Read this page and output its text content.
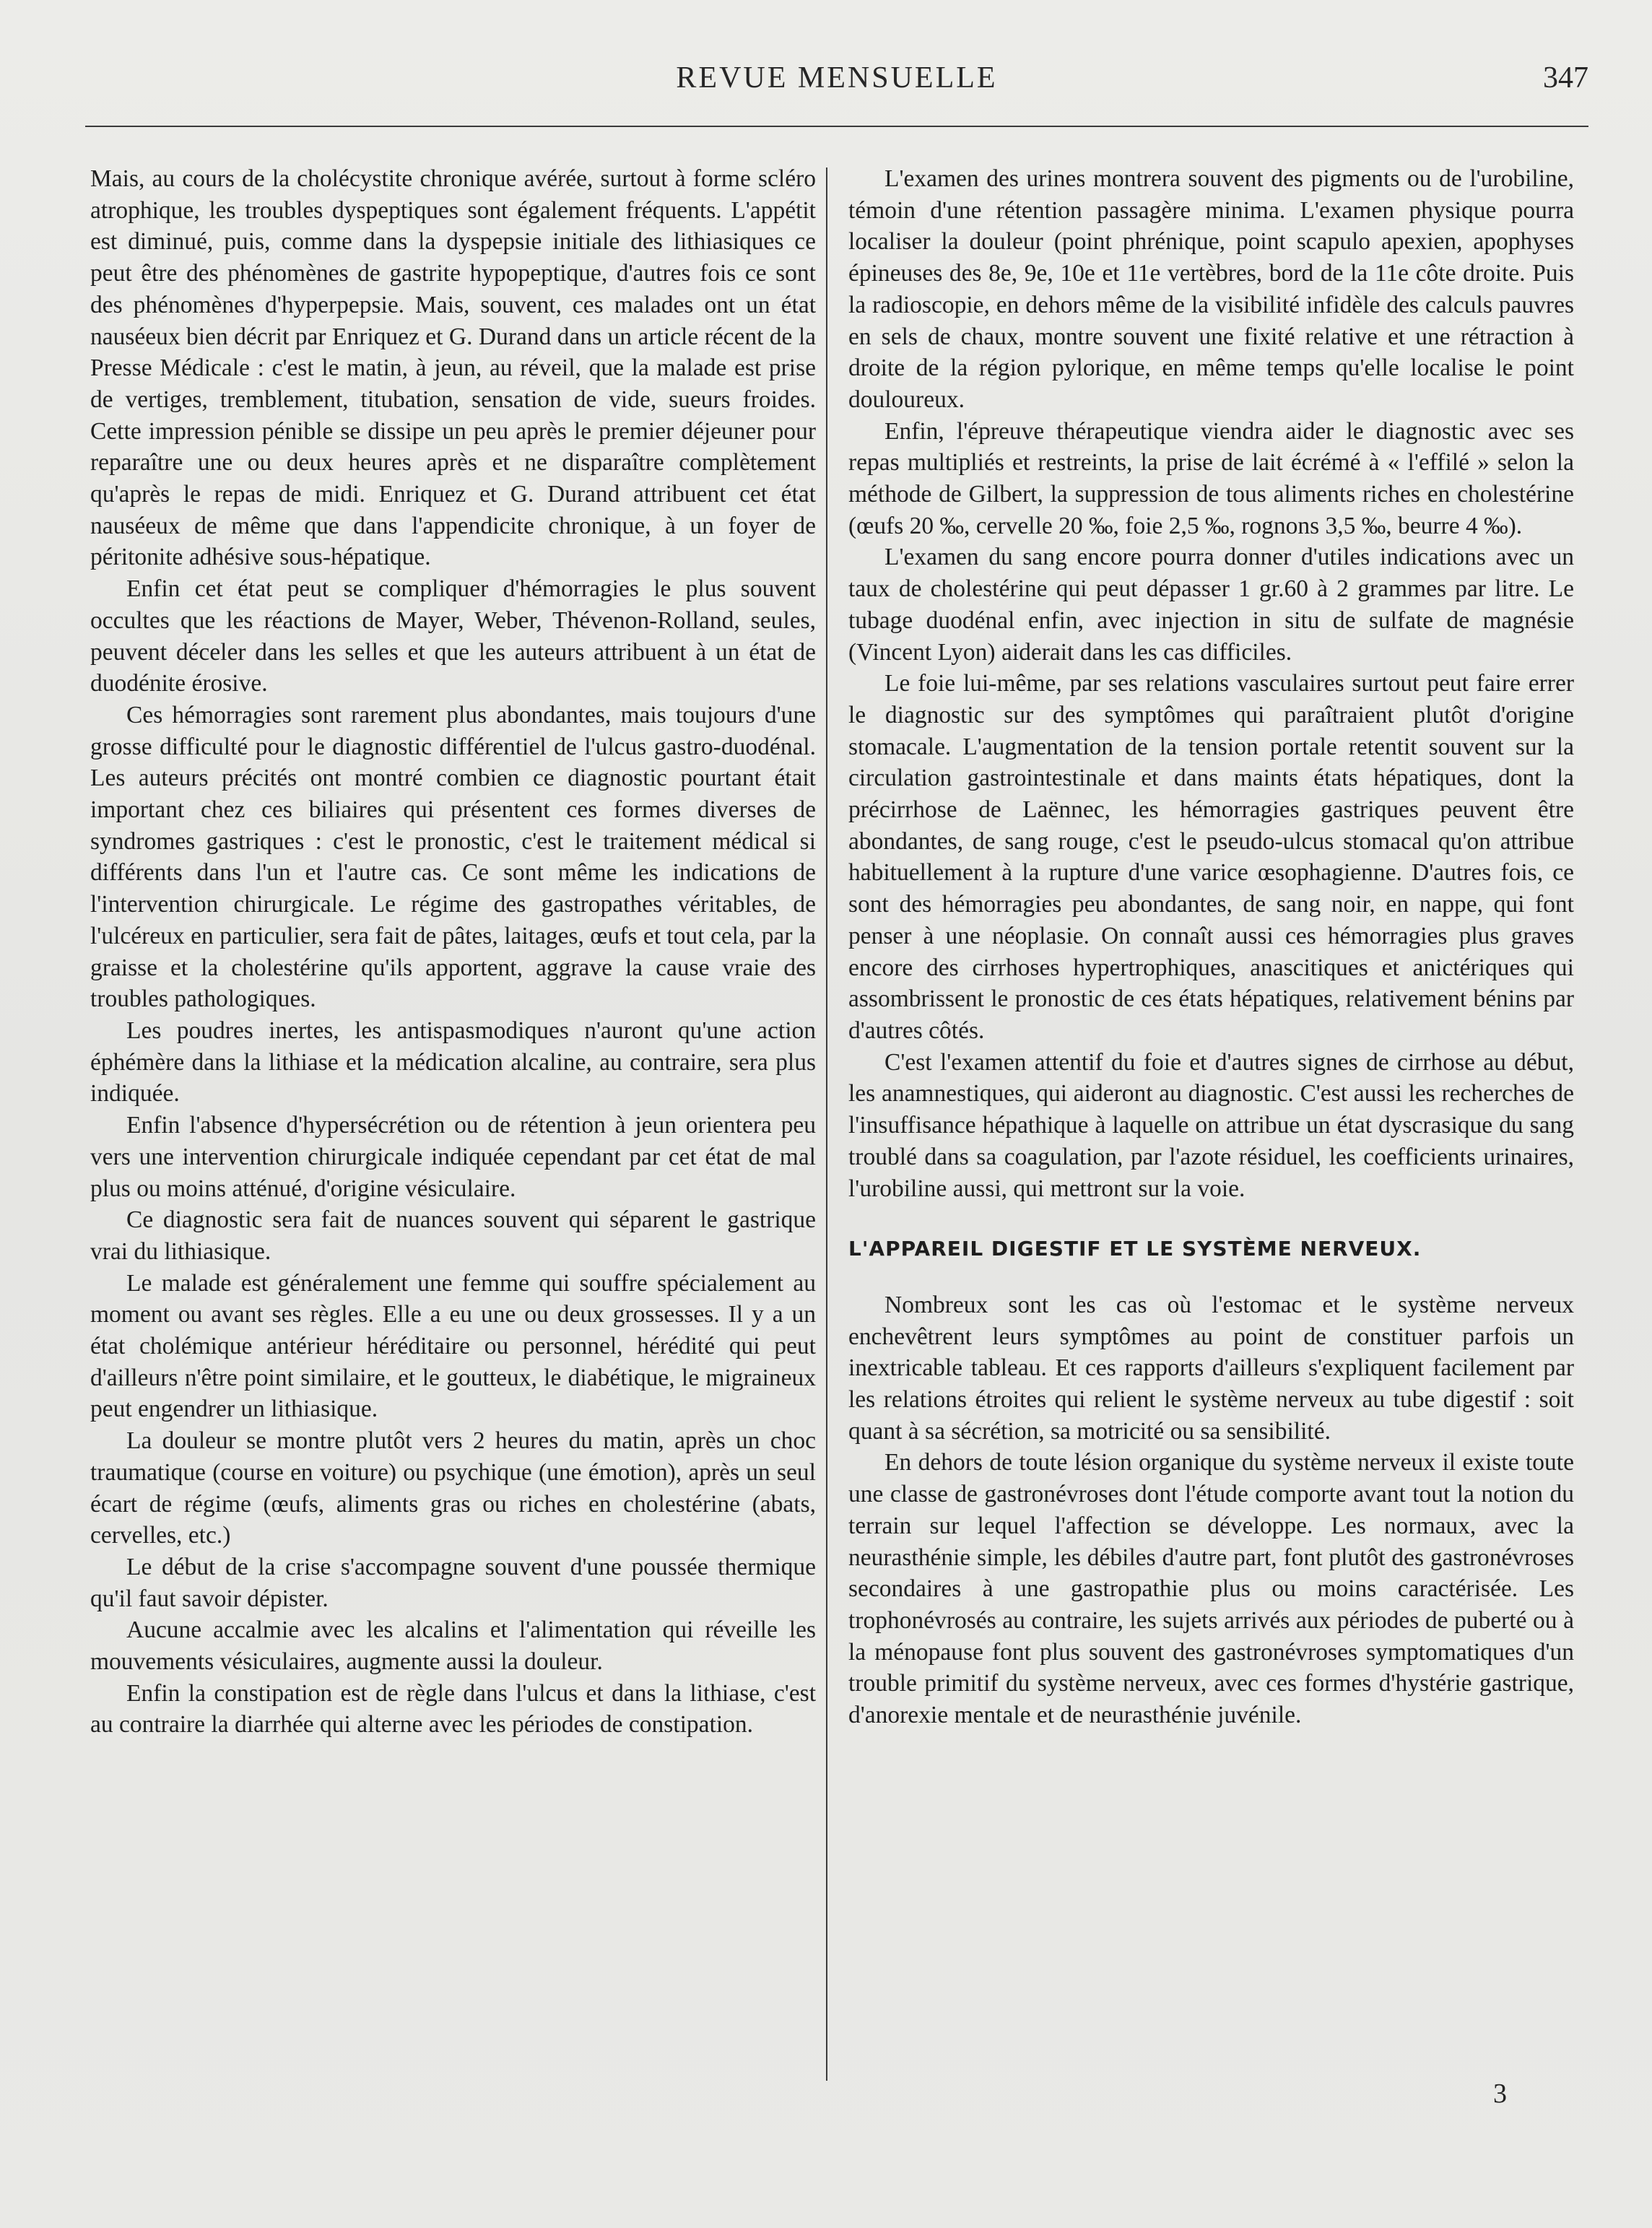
REVUE MENSUELLE	347

Mais, au cours de la cholécystite chronique avérée, surtout à forme scléro atrophique, les troubles dyspeptiques sont également fréquents. L'appétit est diminué, puis, comme dans la dyspepsie initiale des lithiasiques ce peut être des phénomènes de gastrite hypopeptique, d'autres fois ce sont des phénomènes d'hyperpepsie. Mais, souvent, ces malades ont un état nauséeux bien décrit par Enriquez et G. Durand dans un article récent de la Presse Médicale : c'est le matin, à jeun, au réveil, que la malade est prise de vertiges, tremblement, titubation, sensation de vide, sueurs froides. Cette impression pénible se dissipe un peu après le premier déjeuner pour reparaître une ou deux heures après et ne disparaître complètement qu'après le repas de midi. Enriquez et G. Durand attribuent cet état nauséeux de même que dans l'appendicite chronique, à un foyer de péritonite adhésive sous-hépatique.

Enfin cet état peut se compliquer d'hémorragies le plus souvent occultes que les réactions de Mayer, Weber, Thévenon-Rolland, seules, peuvent déceler dans les selles et que les auteurs attribuent à un état de duodénite érosive.

Ces hémorragies sont rarement plus abondantes, mais toujours d'une grosse difficulté pour le diagnostic différentiel de l'ulcus gastro-duodénal. Les auteurs précités ont montré combien ce diagnostic pourtant était important chez ces biliaires qui présentent ces formes diverses de syndromes gastriques : c'est le pronostic, c'est le traitement médical si différents dans l'un et l'autre cas. Ce sont même les indications de l'intervention chirurgicale. Le régime des gastropathes véritables, de l'ulcéreux en particulier, sera fait de pâtes, laitages, œufs et tout cela, par la graisse et la cholestérine qu'ils apportent, aggrave la cause vraie des troubles pathologiques.

Les poudres inertes, les antispasmodiques n'auront qu'une action éphémère dans la lithiase et la médication alcaline, au contraire, sera plus indiquée.

Enfin l'absence d'hypersécrétion ou de rétention à jeun orientera peu vers une intervention chirurgicale indiquée cependant par cet état de mal plus ou moins atténué, d'origine vésiculaire.

Ce diagnostic sera fait de nuances souvent qui séparent le gastrique vrai du lithiasique.

Le malade est généralement une femme qui souffre spécialement au moment ou avant ses règles. Elle a eu une ou deux grossesses. Il y a un état cholémique antérieur héréditaire ou personnel, hérédité qui peut d'ailleurs n'être point similaire, et le goutteux, le diabétique, le migraineux peut engendrer un lithiasique.

La douleur se montre plutôt vers 2 heures du matin, après un choc traumatique (course en voiture) ou psychique (une émotion), après un seul écart de régime (œufs, aliments gras ou riches en cholestérine (abats, cervelles, etc.)

Le début de la crise s'accompagne souvent d'une poussée thermique qu'il faut savoir dépister.

Aucune accalmie avec les alcalins et l'alimentation qui réveille les mouvements vésiculaires, augmente aussi la douleur.

Enfin la constipation est de règle dans l'ulcus et dans la lithiase, c'est au contraire la diarrhée qui alterne avec les périodes de constipation.

L'examen des urines montrera souvent des pigments ou de l'urobiline, témoin d'une rétention passagère minima. L'examen physique pourra localiser la douleur (point phrénique, point scapulo apexien, apophyses épineuses des 8e, 9e, 10e et 11e vertèbres, bord de la 11e côte droite. Puis la radioscopie, en dehors même de la visibilité infidèle des calculs pauvres en sels de chaux, montre souvent une fixité relative et une rétraction à droite de la région pylorique, en même temps qu'elle localise le point douloureux.

Enfin, l'épreuve thérapeutique viendra aider le diagnostic avec ses repas multipliés et restreints, la prise de lait écrémé à « l'effilé » selon la méthode de Gilbert, la suppression de tous aliments riches en cholestérine (œufs 20 ‰, cervelle 20 ‰, foie 2,5 ‰, rognons 3,5 ‰, beurre 4 ‰).

L'examen du sang encore pourra donner d'utiles indications avec un taux de cholestérine qui peut dépasser 1 gr.60 à 2 grammes par litre. Le tubage duodénal enfin, avec injection in situ de sulfate de magnésie (Vincent Lyon) aiderait dans les cas difficiles.

Le foie lui-même, par ses relations vasculaires surtout peut faire errer le diagnostic sur des symptômes qui paraîtraient plutôt d'origine stomacale. L'augmentation de la tension portale retentit souvent sur la circulation gastrointestinale et dans maints états hépatiques, dont la précirrhose de Laënnec, les hémorragies gastriques peuvent être abondantes, de sang rouge, c'est le pseudo-ulcus stomacal qu'on attribue habituellement à la rupture d'une varice œsophagienne. D'autres fois, ce sont des hémorragies peu abondantes, de sang noir, en nappe, qui font penser à une néoplasie. On connaît aussi ces hémorragies plus graves encore des cirrhoses hypertrophiques, anascitiques et anictériques qui assombrissent le pronostic de ces états hépatiques, relativement bénins par d'autres côtés.

C'est l'examen attentif du foie et d'autres signes de cirrhose au début, les anamnestiques, qui aideront au diagnostic. C'est aussi les recherches de l'insuffisance hépathique à laquelle on attribue un état dyscrasique du sang troublé dans sa coagulation, par l'azote résiduel, les coefficients urinaires, l'urobiline aussi, qui mettront sur la voie.

L'APPAREIL DIGESTIF ET LE SYSTÈME NERVEUX.

Nombreux sont les cas où l'estomac et le système nerveux enchevêtrent leurs symptômes au point de constituer parfois un inextricable tableau. Et ces rapports d'ailleurs s'expliquent facilement par les relations étroites qui relient le système nerveux au tube digestif : soit quant à sa sécrétion, sa motricité ou sa sensibilité.

En dehors de toute lésion organique du système nerveux il existe toute une classe de gastronévroses dont l'étude comporte avant tout la notion du terrain sur lequel l'affection se développe. Les normaux, avec la neurasthénie simple, les débiles d'autre part, font plutôt des gastronévroses secondaires à une gastropathie plus ou moins caractérisée. Les trophonévrosés au contraire, les sujets arrivés aux périodes de puberté ou à la ménopause font plus souvent des gastronévroses symptomatiques d'un trouble primitif du système nerveux, avec ces formes d'hystérie gastrique, d'anorexie mentale et de neurasthénie juvénile.

3
